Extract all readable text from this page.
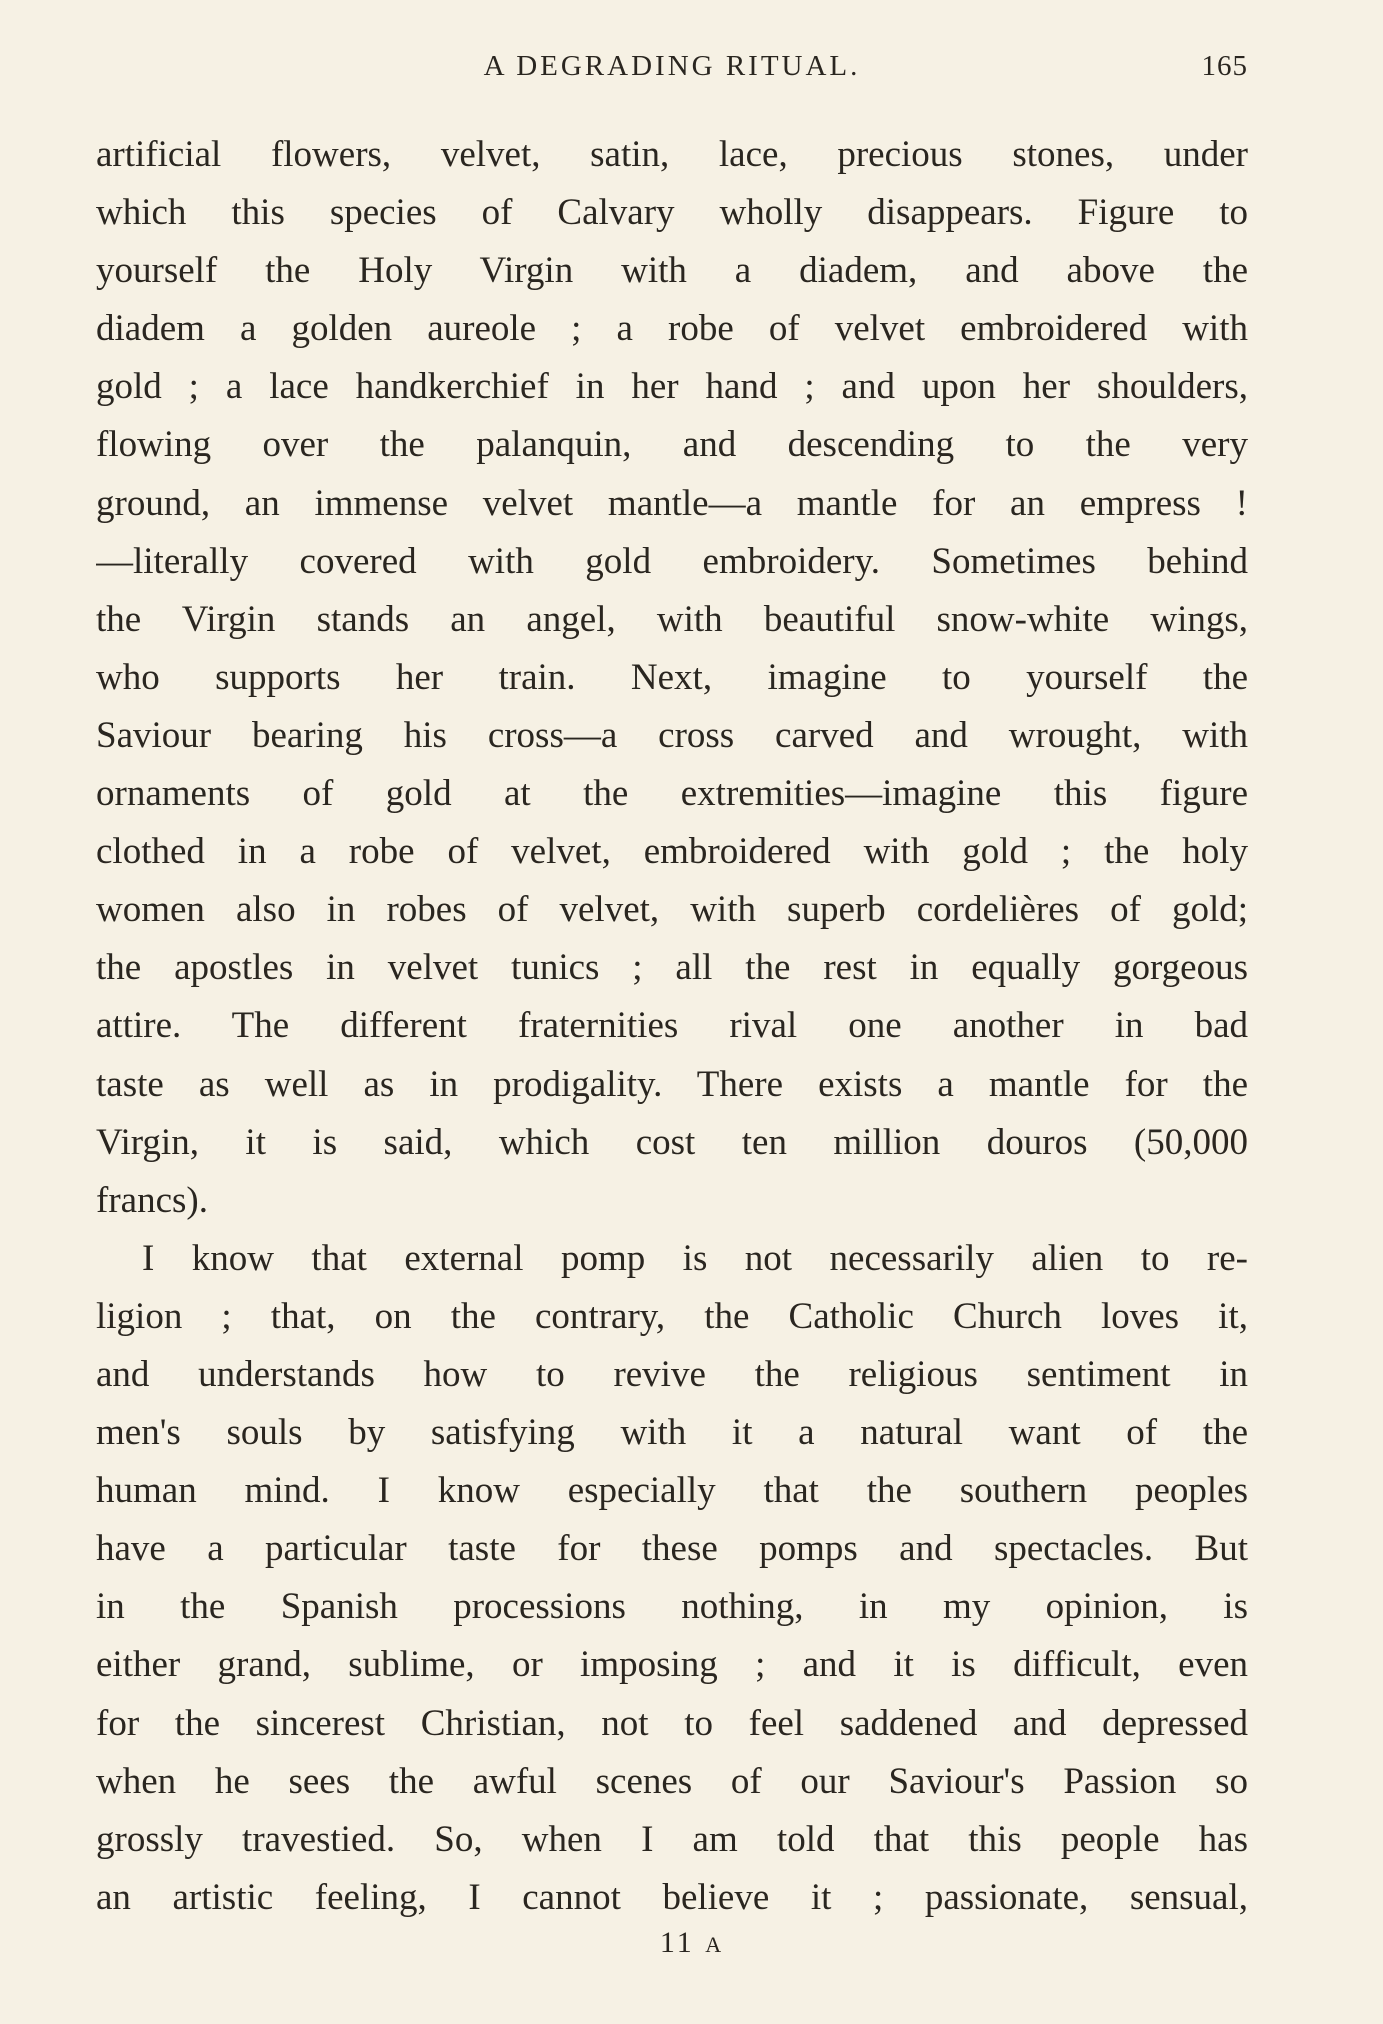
A DEGRADING RITUAL.	165
artificial flowers, velvet, satin, lace, precious stones, under
which this species of Calvary wholly disappears. Figure to
yourself the Holy Virgin with a diadem, and above the
diadem a golden aureole ; a robe of velvet embroidered with
gold ; a lace handkerchief in her hand ; and upon her shoulders,
flowing over the palanquin, and descending to the very
ground, an immense velvet mantle—a mantle for an empress !
—literally covered with gold embroidery. Sometimes behind
the Virgin stands an angel, with beautiful snow-white wings,
who supports her train. Next, imagine to yourself the
Saviour bearing his cross—a cross carved and wrought, with
ornaments of gold at the extremities—imagine this figure
clothed in a robe of velvet, embroidered with gold ; the holy
women also in robes of velvet, with superb cordelières of gold;
the apostles in velvet tunics ; all the rest in equally gorgeous
attire. The different fraternities rival one another in bad
taste as well as in prodigality. There exists a mantle for the
Virgin, it is said, which cost ten million douros (50,000
francs).
I know that external pomp is not necessarily alien to re-
ligion ; that, on the contrary, the Catholic Church loves it,
and understands how to revive the religious sentiment in
men's souls by satisfying with it a natural want of the
human mind. I know especially that the southern peoples
have a particular taste for these pomps and spectacles. But
in the Spanish processions nothing, in my opinion, is
either grand, sublime, or imposing ; and it is difficult, even
for the sincerest Christian, not to feel saddened and depressed
when he sees the awful scenes of our Saviour's Passion so
grossly travestied. So, when I am told that this people has
an artistic feeling, I cannot believe it ; passionate, sensual,
11 A
